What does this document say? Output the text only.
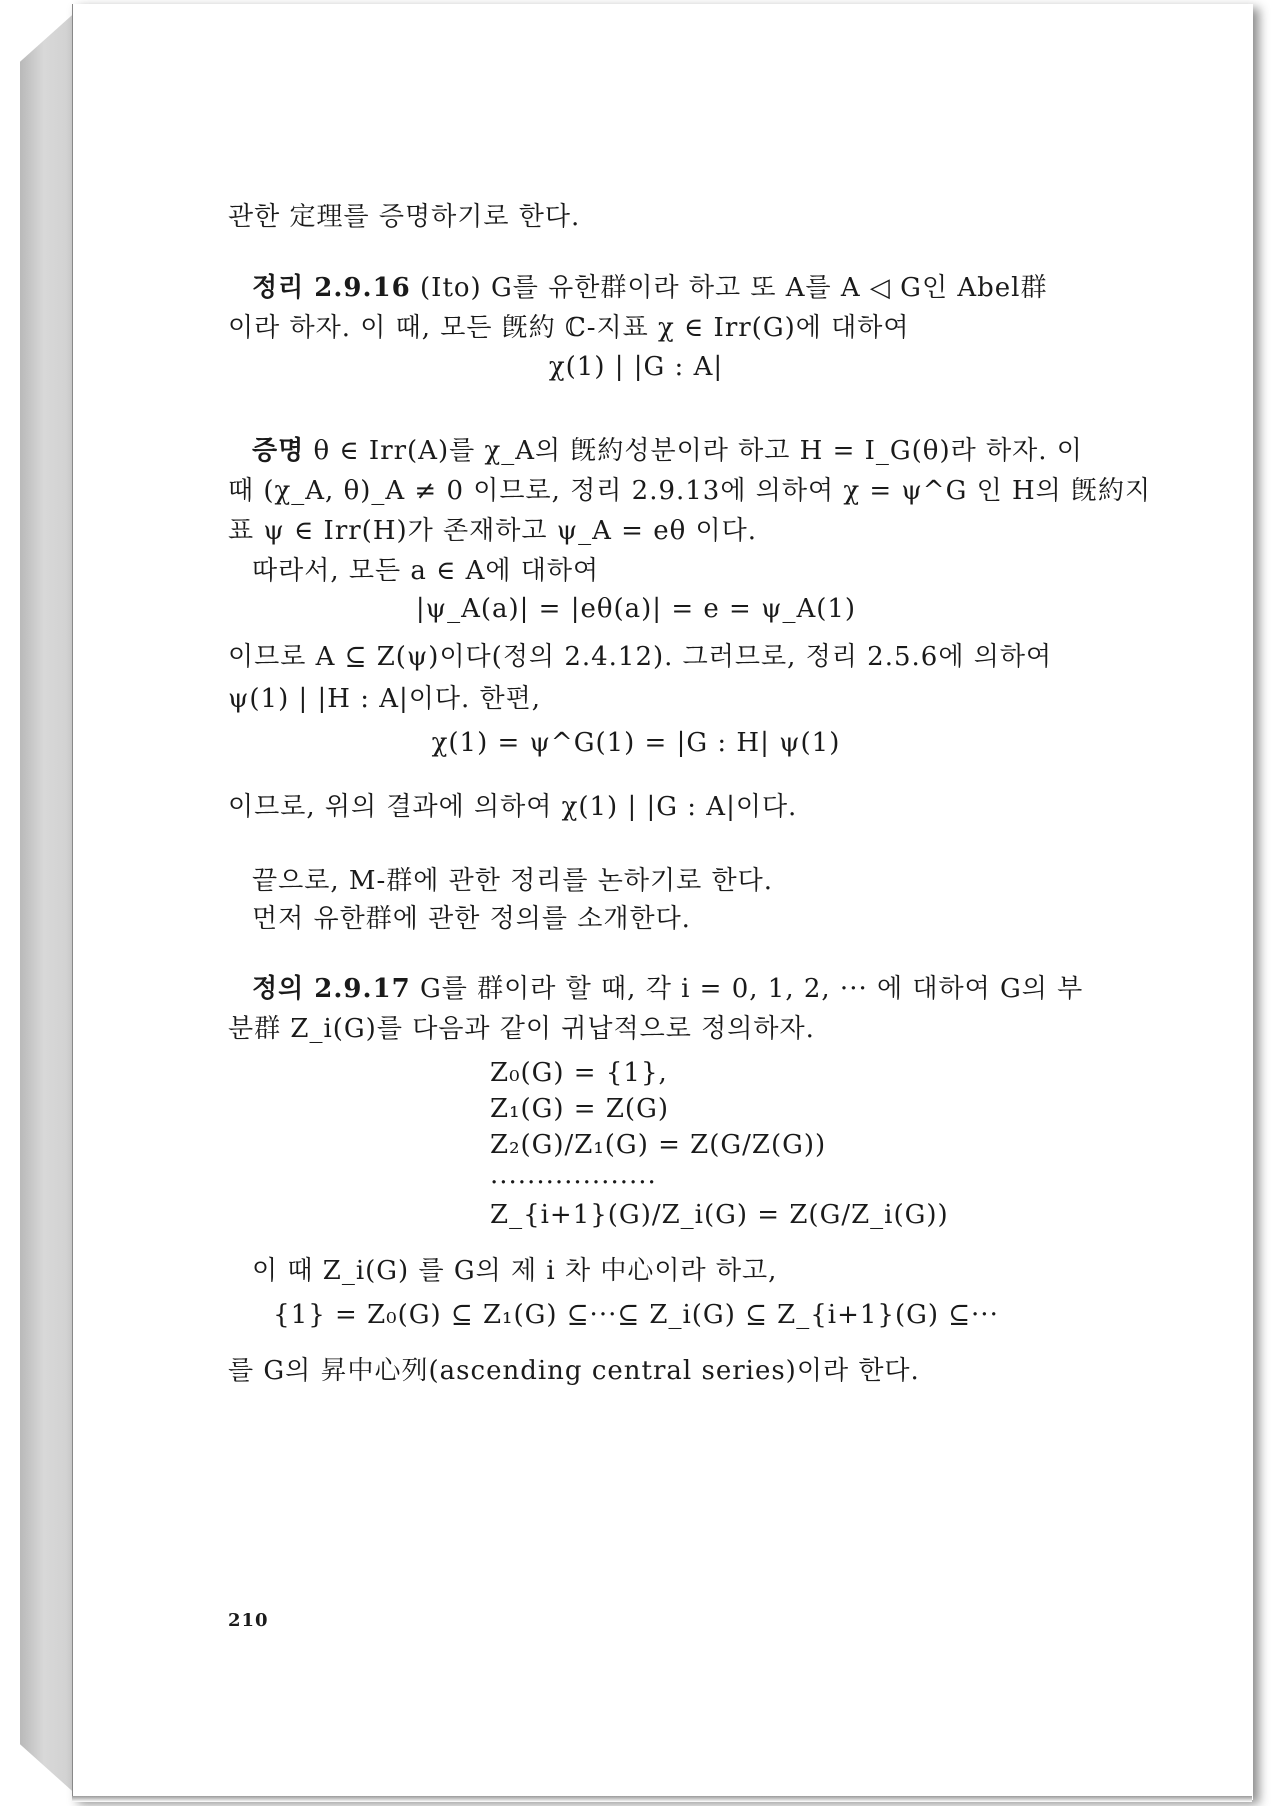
관한 定理를 증명하기로 한다.
정리 2.9.16 (Ito) G를 유한群이라 하고 또 A를 A ◁ G인 Abel群
이라 하자. 이 때, 모든 旣約 ℂ-지표 χ ∈ Irr(G)에 대하여
χ(1) | |G : A|
증명 θ ∈ Irr(A)를 χ_A의 旣約성분이라 하고 H = I_G(θ)라 하자. 이
때 (χ_A, θ)_A ≠ 0 이므로, 정리 2.9.13에 의하여 χ = ψ^G 인 H의 旣約지
표 ψ ∈ Irr(H)가 존재하고 ψ_A = eθ 이다.
따라서, 모든 a ∈ A에 대하여
|ψ_A(a)| = |eθ(a)| = e = ψ_A(1)
이므로 A ⊆ Z(ψ)이다(정의 2.4.12). 그러므로, 정리 2.5.6에 의하여
ψ(1) | |H : A|이다. 한편,
χ(1) = ψ^G(1) = |G : H| ψ(1)
이므로, 위의 결과에 의하여 χ(1) | |G : A|이다.
끝으로, M-群에 관한 정리를 논하기로 한다.
먼저 유한群에 관한 정의를 소개한다.
정의 2.9.17 G를 群이라 할 때, 각 i = 0, 1, 2, ··· 에 대하여 G의 부
분群 Z_i(G)를 다음과 같이 귀납적으로 정의하자.
Z₀(G) = {1},
Z₁(G) = Z(G)
Z₂(G)/Z₁(G) = Z(G/Z(G))
..................
Z_{i+1}(G)/Z_i(G) = Z(G/Z_i(G))
이 때 Z_i(G) 를 G의 제 i 차 中心이라 하고,
{1} = Z₀(G) ⊆ Z₁(G) ⊆···⊆ Z_i(G) ⊆ Z_{i+1}(G) ⊆···
를 G의 昇中心列(ascending central series)이라 한다.
210
